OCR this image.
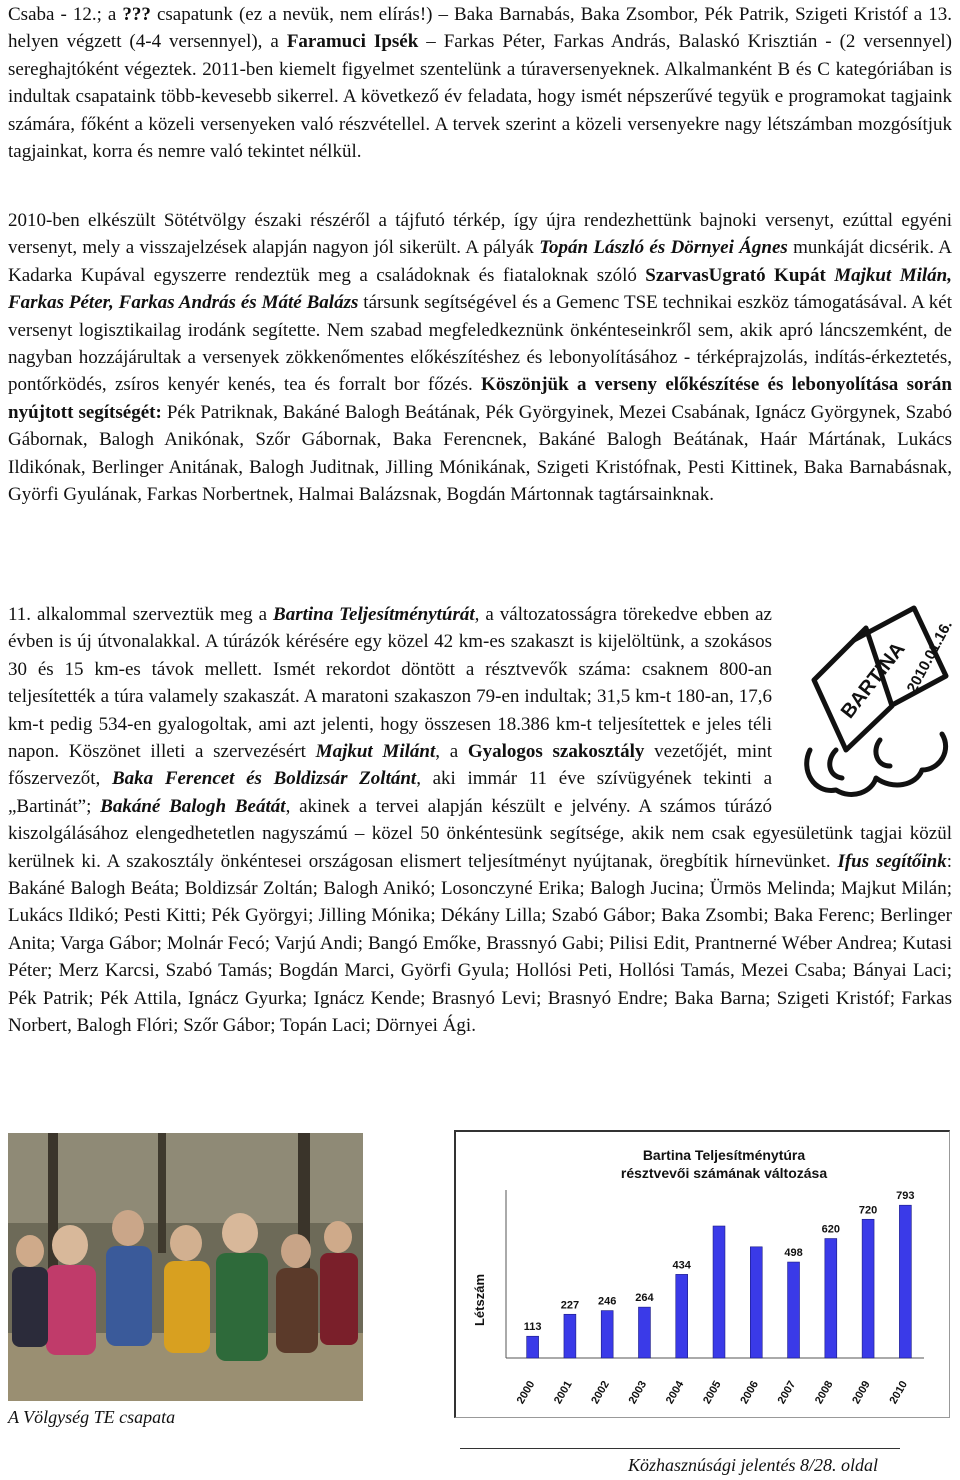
Csaba - 12.; a ??? csapatunk (ez a nevük, nem elírás!) – Baka Barnabás, Baka Zsombor, Pék Patrik, Szigeti Kristóf a 13. helyen végzett (4-4 versennyel), a Faramuci Ipsék – Farkas Péter, Farkas András, Balaskó Krisztián - (2 versennyel) sereghajtóként végeztek. 2011-ben kiemelt figyelmet szentelünk a túraversenyeknek. Alkalmanként B és C kategóriában is indultak csapataink több-kevesebb sikerrel. A következő év feladata, hogy ismét népszerűvé tegyük e programokat tagjaink számára, főként a közeli versenyeken való részvétellel. A tervek szerint a közeli versenyekre nagy létszámban mozgósítjuk tagjainkat, korra és nemre való tekintet nélkül.

2010-ben elkészült Sötétvölgy északi részéről a tájfutó térkép, így újra rendezhettünk bajnoki versenyt, ezúttal egyéni versenyt, mely a visszajelzések alapján nagyon jól sikerült. A pályák Topán László és Dörnyei Ágnes munkáját dicsérik. A Kadarka Kupával egyszerre rendeztük meg a családoknak és fiataloknak szóló SzarvasUgrató Kupát Majkut Milán, Farkas Péter, Farkas András és Máté Balázs társunk segítségével és a Gemenc TSE technikai eszköz támogatásával. A két versenyt logisztikailag irodánk segítette. Nem szabad megfeledkeznünk önkénteseinkről sem, akik apró láncszemként, de nagyban hozzájárultak a versenyek zökkenőmentes előkészítéshez és lebonyolításához - térképrajzolás, indítás-érkeztetés, pontőrködés, zsíros kenyér kenés, tea és forralt bor főzés. Köszönjük a verseny előkészítése és lebonyolítása során nyújtott segítségét: Pék Patriknak, Bakáné Balogh Beátának, Pék Györgyinek, Mezei Csabának, Ignácz Györgynek, Szabó Gábornak, Balogh Anikónak, Szőr Gábornak, Baka Ferencnek, Bakáné Balogh Beátának, Haár Mártának, Lukács Ildikónak, Berlinger Anitának, Balogh Juditnak, Jilling Mónikának, Szigeti Kristófnak, Pesti Kittinek, Baka Barnabásnak, Györfi Gyulának, Farkas Norbertnek, Halmai Balázsnak, Bogdán Mártonnak tagtársainknak.

11. alkalommal szerveztük meg a Bartina Teljesítménytúrát, a változatosságra törekedve ebben az évben is új útvonalakkal. A túrázók kérésére egy közel 42 km-es szakaszt is kijelöltünk, a szokásos 30 és 15 km-es távok mellett. Ismét rekordot döntött a résztvevők száma: csaknem 800-an teljesítették a túra valamely szakaszát. A maratoni szakaszon 79-en indultak; 31,5 km-t 180-an, 17,6 km-t pedig 534-en gyalogoltak, ami azt jelenti, hogy összesen 18.386 km-t teljesítettek e jeles téli napon. Köszönet illeti a szervezésért Majkut Milánt, a Gyalogos szakosztály vezetőjét, mint főszervezőt, Baka Ferencet és Boldizsár Zoltánt, aki immár 11 éve szívügyének tekinti a „Bartinát”; Bakáné Balogh Beátát, akinek a tervei alapján készült e jelvény. A számos túrázó kiszolgálásához elengedhetetlen nagyszámú – közel 50 önkéntesünk segítsége, akik nem csak egyesületünk tagjai közül kerülnek ki. A szakosztály önkéntesei országosan elismert teljesítményt nyújtanak, öregbítik hírnevünket. Ifus segítőink: Bakáné Balogh Beáta; Boldizsár Zoltán; Balogh Anikó; Losonczyné Erika; Balogh Jucina; Ürmös Melinda; Majkut Milán; Lukács Ildikó; Pesti Kitti; Pék Györgyi; Jilling Mónika; Dékány Lilla; Szabó Gábor; Baka Zsombi; Baka Ferenc; Berlinger Anita; Varga Gábor; Molnár Fecó; Varjú Andi; Bangó Emőke, Brassnyó Gabi; Pilisi Edit, Prantnerné Wéber Andrea; Kutasi Péter; Merz Karcsi, Szabó Tamás; Bogdán Marci, Györfi Gyula; Hollósi Peti, Hollósi Tamás, Mezei Csaba; Bányai Laci; Pék Patrik; Pék Attila, Ignácz Gyurka; Ignácz Kende; Brasnyó Levi; Brasnyó Endre; Baka Barna; Szigeti Kristóf; Farkas Norbert, Balogh Flóri; Szőr Gábor; Topán Laci; Dörnyei Ági.

BARTINA
2010.01.16.
A Völgység TE csapata
Bartina Teljesítménytúra
résztvevői számának változása
Létszám
113
227 246 264
434
498
620
720
793
2000 2001 2002 2003 2004 2005 2006 2007 2008 2009 2010
Közhasznúsági jelentés 8/28. oldal
